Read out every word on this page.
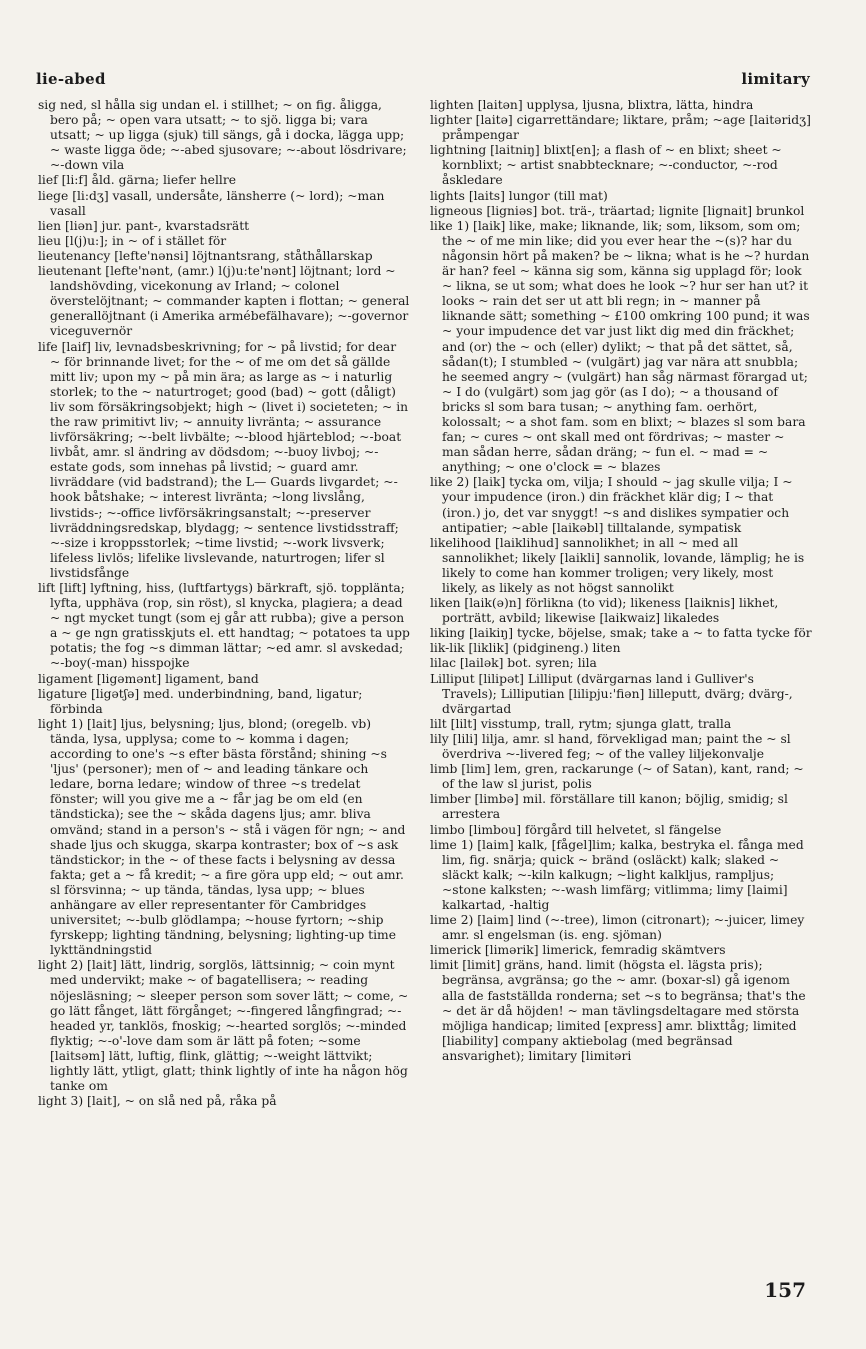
lie-abed	limitary

sig ned, sl hålla sig undan el. i stillhet; ~ on fig. åligga, bero på; ~ open vara utsatt; ~ to sjö. ligga bi; vara utsatt; ~ up ligga (sjuk) till sängs, gå i docka, lägga upp; ~ waste ligga öde; ~-abed sjusovare; ~-about lösdrivare; ~-down vila

lief [li:f] åld. gärna; liefer hellre

liege [li:dʒ] vasall, undersåte, länsherre (~ lord); ~man vasall

lien [liən] jur. pant-, kvarstadsrätt

lieu [l(j)u:]; in ~ of i stället för

lieutenancy [lefte'nənsi] löjtnantsrang, ståthållarskap

lieutenant [lefte'nənt, (amr.) l(j)u:te'nənt] löjtnant; lord ~ landshövding, vicekonung av Irland; ~ colonel överstelöjtnant; ~ commander kapten i flottan; ~ general generallöjtnant (i Amerika armébefälhavare); ~-governor viceguvernör

life [laif] liv, levnadsbeskrivning; for ~ på livstid; for dear ~ för brinnande livet; for the ~ of me om det så gällde mitt liv; upon my ~ på min ära; as large as ~ i naturlig storlek; to the ~ naturtroget; good (bad) ~ gott (dåligt) liv som försäkringsobjekt; high ~ (livet i) societeten; ~ in the raw primitivt liv; ~ annuity livränta; ~ assurance livförsäkring; ~-belt livbälte; ~-blood hjärteblod; ~-boat livbåt, amr. sl ändring av dödsdom; ~-buoy livboj; ~-estate gods, som innehas på livstid; ~ guard amr. livräddare (vid badstrand); the L— Guards livgardet; ~-hook båtshake; ~ interest livränta; ~long livslång, livstids-; ~-office livförsäkringsanstalt; ~-preserver livräddningsredskap, blydagg; ~ sentence livstidsstraff; ~-size i kroppsstorlek; ~time livstid; ~-work livsverk; lifeless livlös; lifelike livslevande, naturtrogen; lifer sl livstidsfånge

lift [lift] lyftning, hiss, (luftfartygs) bärkraft, sjö. topplänta; lyfta, upphäva (rop, sin röst), sl knycka, plagiera; a dead ~ ngt mycket tungt (som ej går att rubba); give a person a ~ ge ngn gratisskjuts el. ett handtag; ~ potatoes ta upp potatis; the fog ~s dimman lättar; ~ed amr. sl avskedad; ~-boy(-man) hisspojke

ligament [ligəmənt] ligament, band

ligature [ligətʃə] med. underbindning, band, ligatur; förbinda

light 1) [lait] ljus, belysning; ljus, blond; (oregelb. vb) tända, lysa, upplysa; come to ~ komma i dagen; according to one's ~s efter bästa förstånd; shining ~s 'ljus' (personer); men of ~ and leading tänkare och ledare, borna ledare; window of three ~s tredelat fönster; will you give me a ~ får jag be om eld (en tändsticka); see the ~ skåda dagens ljus; amr. bliva omvänd; stand in a person's ~ stå i vägen för ngn; ~ and shade ljus och skugga, skarpa kontraster; box of ~s ask tändstickor; in the ~ of these facts i belysning av dessa fakta; get a ~ få kredit; ~ a fire göra upp eld; ~ out amr. sl försvinna; ~ up tända, tändas, lysa upp; ~ blues anhängare av eller representanter för Cambridges universitet; ~-bulb glödlampa; ~house fyrtorn; ~ship fyrskepp; lighting tändning, belysning; lighting-up time lykttändningstid

light 2) [lait] lätt, lindrig, sorglös, lättsinnig; ~ coin mynt med undervikt; make ~ of bagatellisera; ~ reading nöjesläsning; ~ sleeper person som sover lätt; ~ come, ~ go lätt fånget, lätt förgånget; ~-fingered långfingrad; ~-headed yr, tanklös, fnoskig; ~-hearted sorglös; ~-minded flyktig; ~-o'-love dam som är lätt på foten; ~some [laitsəm] lätt, luftig, flink, glättig; ~-weight lättvikt; lightly lätt, ytligt, glatt; think lightly of inte ha någon hög tanke om

light 3) [lait], ~ on slå ned på, råka på

lighten [laitən] upplysa, ljusna, blixtra, lätta, hindra

lighter [laitə] cigarrettändare; liktare, pråm; ~age [laitəridʒ] pråmpengar

lightning [laitniŋ] blixt[en]; a flash of ~ en blixt; sheet ~ kornblixt; ~ artist snabbtecknare; ~-conductor, ~-rod åskledare

lights [laits] lungor (till mat)

ligneous [ligniəs] bot. trä-, träartad; lignite [lignait] brunkol

like 1) [laik] like, make; liknande, lik; som, liksom, som om; the ~ of me min like; did you ever hear the ~(s)? har du någonsin hört på maken? be ~ likna; what is he ~? hurdan är han? feel ~ känna sig som, känna sig upplagd för; look ~ likna, se ut som; what does he look ~? hur ser han ut? it looks ~ rain det ser ut att bli regn; in ~ manner på liknande sätt; something ~ £100 omkring 100 pund; it was ~ your impudence det var just likt dig med din fräckhet; and (or) the ~ och (eller) dylikt; ~ that på det sättet, så, sådan(t); I stumbled ~ (vulgärt) jag var nära att snubbla; he seemed angry ~ (vulgärt) han såg närmast förargad ut; ~ I do (vulgärt) som jag gör (as I do); ~ a thousand of bricks sl som bara tusan; ~ anything fam. oerhört, kolossalt; ~ a shot fam. som en blixt; ~ blazes sl som bara fan; ~ cures ~ ont skall med ont fördrivas; ~ master ~ man sådan herre, sådan dräng; ~ fun el. ~ mad = ~ anything; ~ one o'clock = ~ blazes

like 2) [laik] tycka om, vilja; I should ~ jag skulle vilja; I ~ your impudence (iron.) din fräckhet klär dig; I ~ that (iron.) jo, det var snyggt! ~s and dislikes sympatier och antipatier; ~able [laikəbl] tilltalande, sympatisk

likelihood [laiklihud] sannolikhet; in all ~ med all sannolikhet; likely [laikli] sannolik, lovande, lämplig; he is likely to come han kommer troligen; very likely, most likely, as likely as not högst sannolikt

liken [laik(ə)n] förlikna (to vid); likeness [laiknis] likhet, porträtt, avbild; likewise [laikwaiz] likaledes

liking [laikiŋ] tycke, böjelse, smak; take a ~ to fatta tycke för

lik-lik [liklik] (pidgineng.) liten

lilac [lailək] bot. syren; lila

Lilliput [lilipət] Lilliput (dvärgarnas land i Gulliver's Travels); Lilliputian [lilipju:'fiən] lilleputt, dvärg; dvärg-, dvärgartad

lilt [lilt] visstump, trall, rytm; sjunga glatt, tralla

lily [lili] lilja, amr. sl hand, förvekligad man; paint the ~ sl överdriva ~-livered feg; ~ of the valley liljekonvalje

limb [lim] lem, gren, rackarunge (~ of Satan), kant, rand; ~ of the law sl jurist, polis

limber [limbə] mil. förställare till kanon; böjlig, smidig; sl arrestera

limbo [limbou] förgård till helvetet, sl fängelse

lime 1) [laim] kalk, [fågel]lim; kalka, bestryka el. fånga med lim, fig. snärja; quick ~ bränd (osläckt) kalk; slaked ~ släckt kalk; ~-kiln kalkugn; ~light kalkljus, rampljus; ~stone kalksten; ~-wash limfärg; vitlimma; limy [laimi] kalkartad, -haltig

lime 2) [laim] lind (~-tree), limon (citronart); ~-juicer, limey amr. sl engelsman (is. eng. sjöman)

limerick [limərik] limerick, femradig skämtvers

limit [limit] gräns, hand. limit (högsta el. lägsta pris); begränsa, avgränsa; go the ~ amr. (boxar-sl) gå igenom alla de fastställda ronderna; set ~s to begränsa; that's the ~ det är då höjden! ~ man tävlingsdeltagare med största möjliga handicap; limited [express] amr. blixttåg; limited [liability] company aktiebolag (med begränsad ansvarighet); limitary [limitəri

157
